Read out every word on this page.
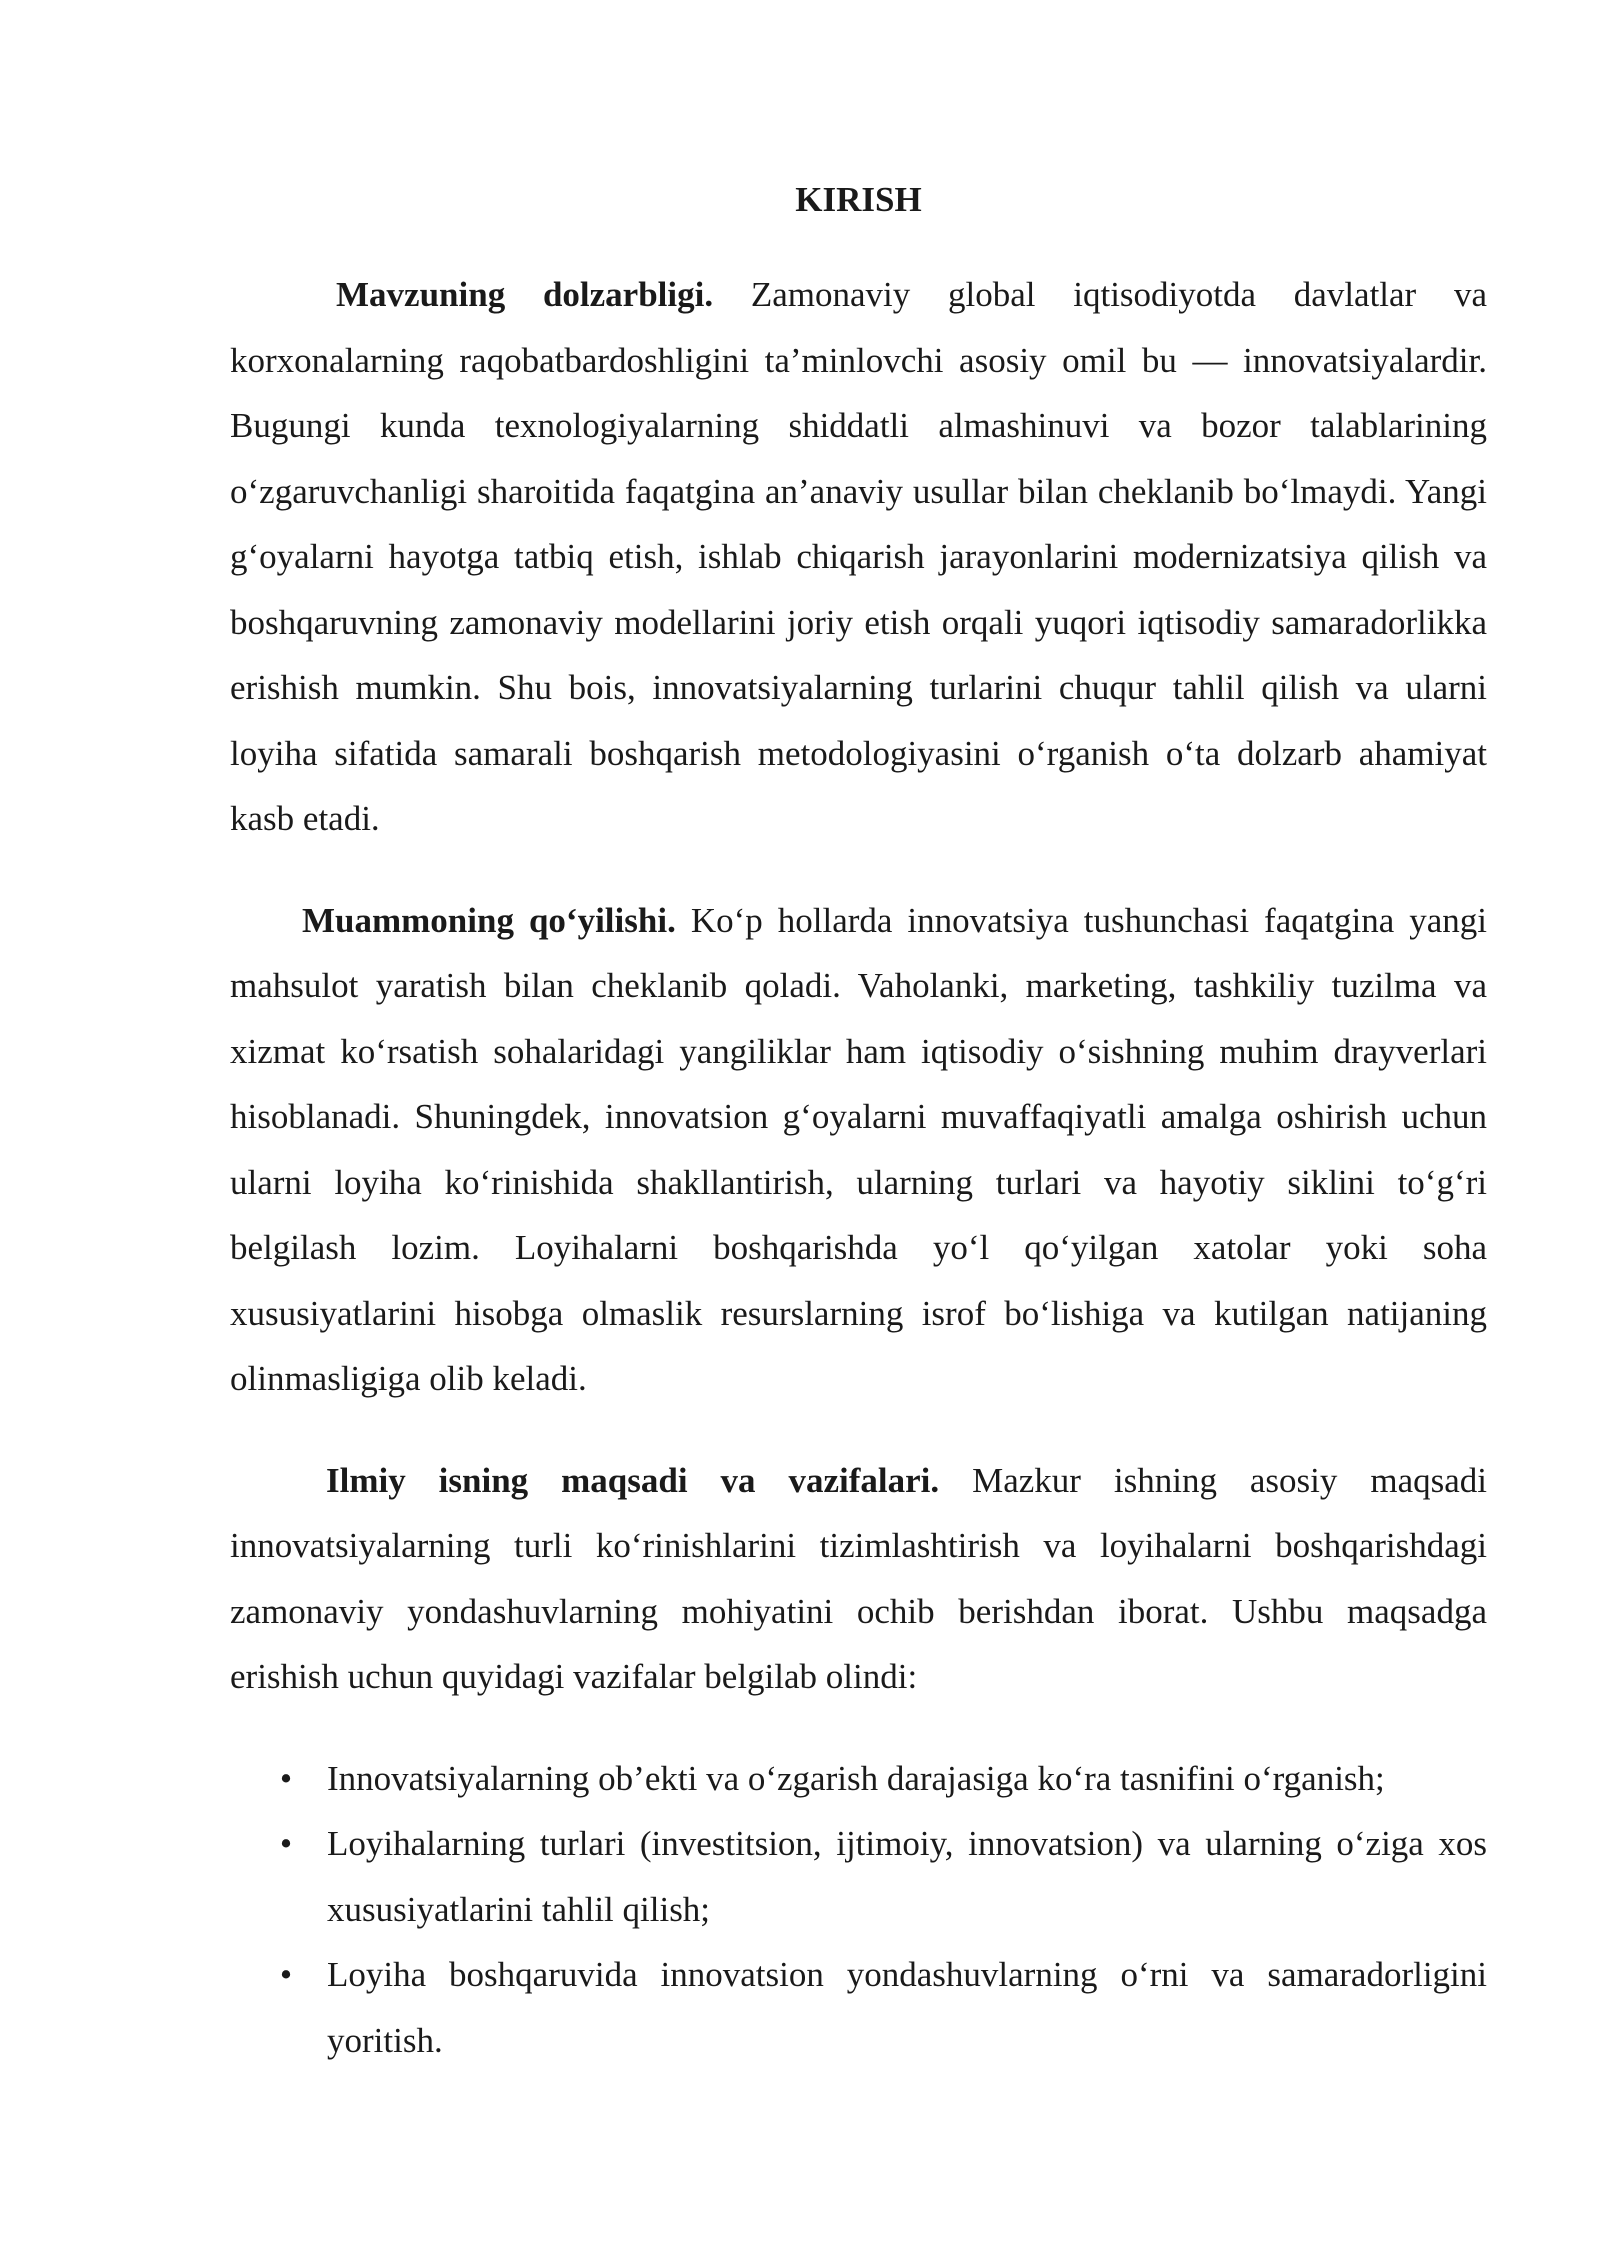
KIRISH

Mavzuning dolzarbligi. Zamonaviy global iqtisodiyotda davlatlar va korxonalarning raqobatbardoshligini ta’minlovchi asosiy omil bu — innovatsiyalardir. Bugungi kunda texnologiyalarning shiddatli almashinuvi va bozor talablarining o‘zgaruvchanligi sharoitida faqatgina an’anaviy usullar bilan cheklanib bo‘lmaydi. Yangi g‘oyalarni hayotga tatbiq etish, ishlab chiqarish jarayonlarini modernizatsiya qilish va boshqaruvning zamonaviy modellarini joriy etish orqali yuqori iqtisodiy samaradorlikka erishish mumkin. Shu bois, innovatsiyalarning turlarini chuqur tahlil qilish va ularni loyiha sifatida samarali boshqarish metodologiyasini o‘rganish o‘ta dolzarb ahamiyat kasb etadi.

Muammoning qo‘yilishi. Ko‘p hollarda innovatsiya tushunchasi faqatgina yangi mahsulot yaratish bilan cheklanib qoladi. Vaholanki, marketing, tashkiliy tuzilma va xizmat ko‘rsatish sohalaridagi yangiliklar ham iqtisodiy o‘sishning muhim drayverlari hisoblanadi. Shuningdek, innovatsion g‘oyalarni muvaffaqiyatli amalga oshirish uchun ularni loyiha ko‘rinishida shakllantirish, ularning turlari va hayotiy siklini to‘g‘ri belgilash lozim. Loyihalarni boshqarishda yo‘l qo‘yilgan xatolar yoki soha xususiyatlarini hisobga olmaslik resurslarning isrof bo‘lishiga va kutilgan natijaning olinmasligiga olib keladi.

Ilmiy isning maqsadi va vazifalari. Mazkur ishning asosiy maqsadi innovatsiyalarning turli ko‘rinishlarini tizimlashtirish va loyihalarni boshqarishdagi zamonaviy yondashuvlarning mohiyatini ochib berishdan iborat. Ushbu maqsadga erishish uchun quyidagi vazifalar belgilab olindi:

• Innovatsiyalarning ob’ekti va o‘zgarish darajasiga ko‘ra tasnifini o‘rganish;
• Loyihalarning turlari (investitsion, ijtimoiy, innovatsion) va ularning o‘ziga xos xususiyatlarini tahlil qilish;
• Loyiha boshqaruvida innovatsion yondashuvlarning o‘rni va samaradorligini yoritish.
